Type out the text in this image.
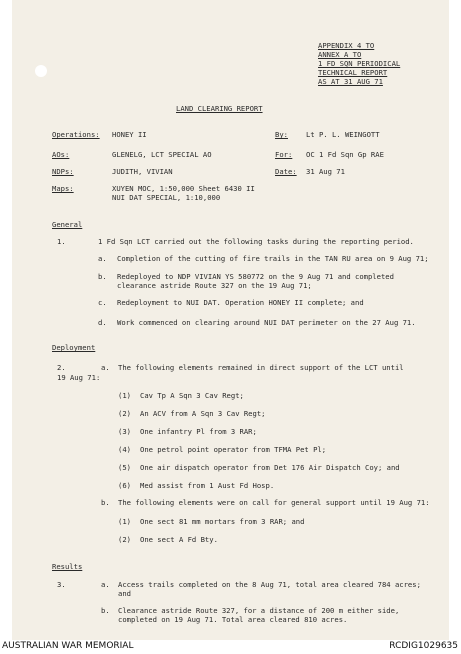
APPENDIX 4 TO
ANNEX A TO
1 FD SQN PERIODICAL
TECHNICAL REPORT
AS AT 31 AUG 71
LAND CLEARING REPORT
Operations: HONEY II	By:	Lt P. L. WEINGOTT
AOs:	GLENELG, LCT SPECIAL AO	For: OC 1 Fd Sqn Gp RAE
NDPs:	JUDITH, VIVIAN	Date: 31 Aug 71
Maps:	XUYEN MOC, 1:50,000 Sheet 6430 II
NUI DAT SPECIAL, 1:10,000
General
1.	1 Fd Sqn LCT carried out the following tasks during the reporting period.
a. Completion of the cutting of fire trails in the TAN RU area on 9 Aug 71;
b. Redeployed to NDP VIVIAN YS 580772 on the 9 Aug 71 and completed
clearance astride Route 327 on the 19 Aug 71;
c. Redeployment to NUI DAT. Operation HONEY II complete; and
d. Work commenced on clearing around NUI DAT perimeter on the 27 Aug 71.
Deployment
2.	a. The following elements remained in direct support of the LCT until
19 Aug 71:
(1) Cav Tp A Sqn 3 Cav Regt;
(2) An ACV from A Sqn 3 Cav Regt;
(3) One infantry Pl from 3 RAR;
(4) One petrol point operator from TFMA Pet Pl;
(5) One air dispatch operator from Det 176 Air Dispatch Coy; and
(6) Med assist from 1 Aust Fd Hosp.
b. The following elements were on call for general support until 19 Aug 71:
(1) One sect 81 mm mortars from 3 RAR; and
(2) One sect A Fd Bty.
Results
3.	a. Access trails completed on the 8 Aug 71, total area cleared 784 acres;
and
b. Clearance astride Route 327, for a distance of 200 m either side,
completed on 19 Aug 71. Total area cleared 810 acres.
AUSTRALIAN WAR MEMORIAL	RCDIG1029635
